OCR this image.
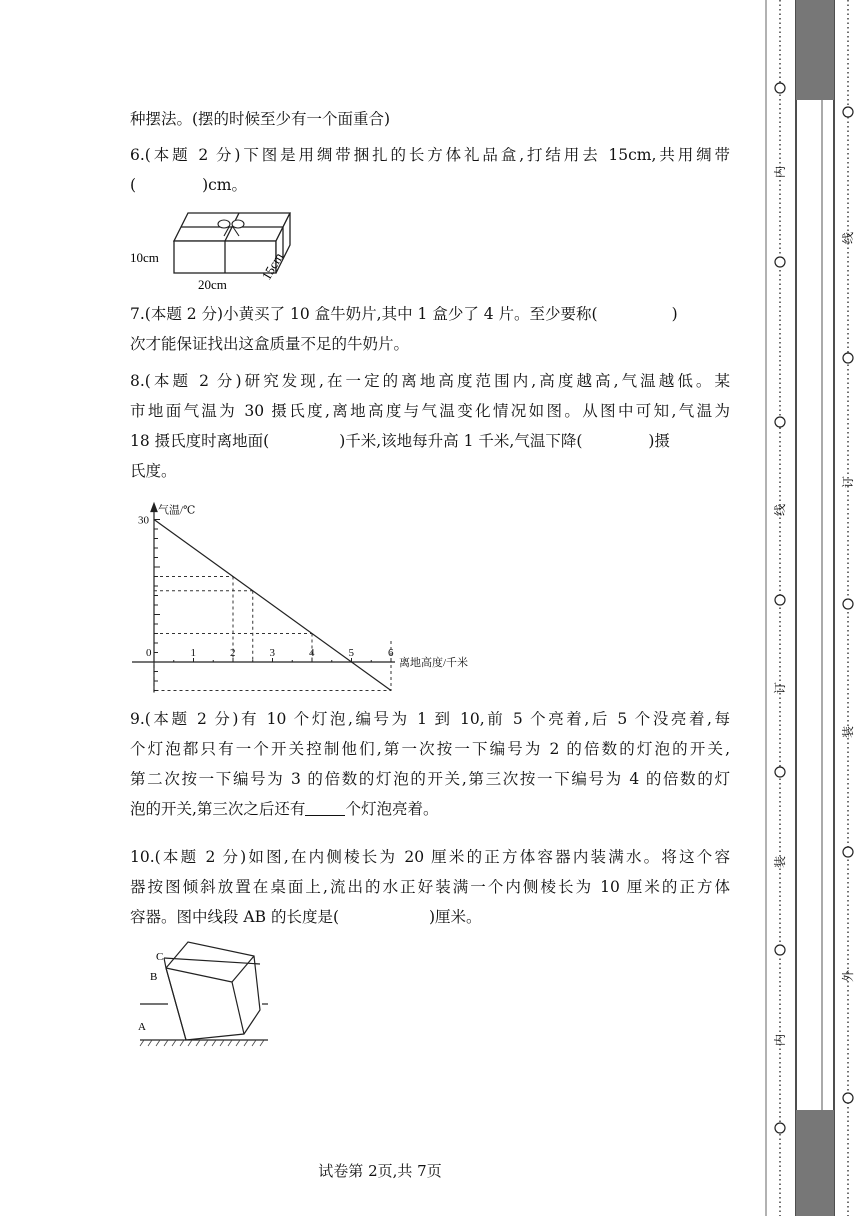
种摆法。(摆的时候至少有一个面重合)
6.(本题 2 分)下图是用绸带捆扎的长方体礼品盒,打结用去 15cm,共用绸带
(	)cm。
10cm
20cm
15cm
7.(本题 2 分)小黄买了 10 盒牛奶片,其中 1 盒少了 4 片。至少要称(	)
次才能保证找出这盒质量不足的牛奶片。
8.(本题 2 分)研究发现,在一定的离地高度范围内,高度越高,气温越低。某
市地面气温为 30 摄氏度,离地高度与气温变化情况如图。从图中可知,气温为
18 摄氏度时离地面(	)千米,该地每升高 1 千米,气温下降(	)摄
氏度。
0	1	2	3	4	5	6
30
气温/℃
离地高度/千米
9.(本题 2 分)有 10 个灯泡,编号为 1 到 10,前 5 个亮着,后 5 个没亮着,每
个灯泡都只有一个开关控制他们,第一次按一下编号为 2 的倍数的灯泡的开关,
第二次按一下编号为 3 的倍数的灯泡的开关,第三次按一下编号为 4 的倍数的灯
泡的开关,第三次之后还有	个灯泡亮着。
10.(本题 2 分)如图,在内侧棱长为 20 厘米的正方体容器内装满水。将这个容
器按图倾斜放置在桌面上,流出的水正好装满一个内侧棱长为 10 厘米的正方体
容器。图中线段 AB 的长度是(	)厘米。
C
B
A
试卷第 2页,共 7页
内
线
订
装
内
线
订
装
外
